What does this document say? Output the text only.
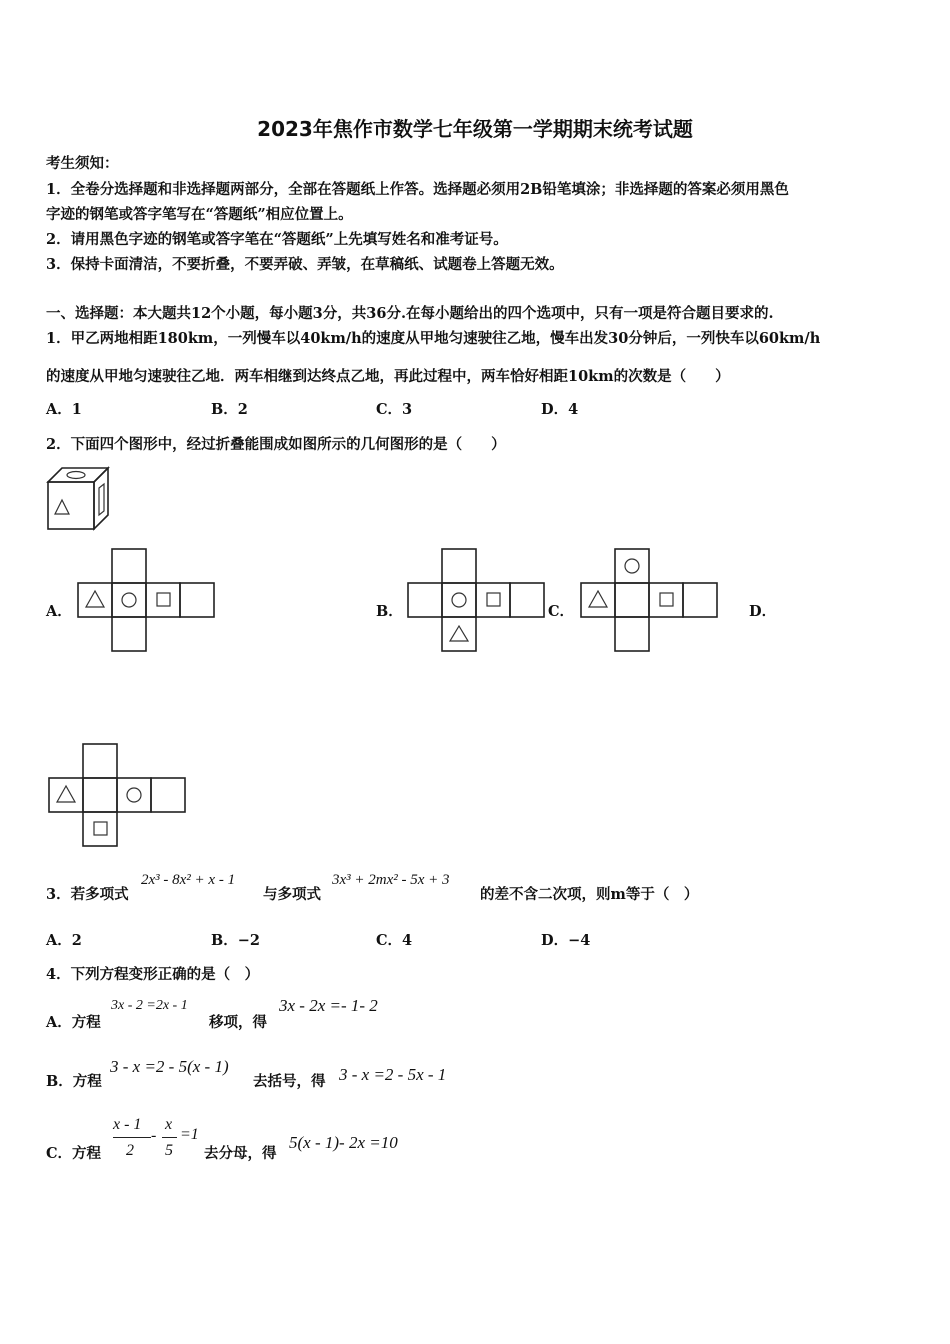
2023年焦作市数学七年级第一学期期末统考试题
考生须知：
1．全卷分选择题和非选择题两部分，全部在答题纸上作答。选择题必须用2B铅笔填涂；非选择题的答案必须用黑色
字迹的钢笔或答字笔写在“答题纸”相应位置上。
2．请用黑色字迹的钢笔或答字笔在“答题纸”上先填写姓名和准考证号。
3．保持卡面清洁，不要折叠，不要弄破、弄皱，在草稿纸、试题卷上答题无效。
一、选择题：本大题共12个小题，每小题3分，共36分.在每小题给出的四个选项中，只有一项是符合题目要求的.
1．甲乙两地相距180km，一列慢车以40km/h的速度从甲地匀速驶往乙地，慢车出发30分钟后，一列快车以60km/h
的速度从甲地匀速驶往乙地．两车相继到达终点乙地，再此过程中，两车恰好相距10km的次数是（　　）
A．1	B．2	C．3	D．4
2．下面四个图形中，经过折叠能围成如图所示的几何图形的是（　　）
A．	B．	C．	D．
3．若多项式
2x³ - 8x² + x - 1
与多项式
3x³ + 2mx² - 5x + 3
的差不含二次项，则m等于（　）
A．2	B．−2	C．4	D．−4
4．下列方程变形正确的是（　）
A．方程
3x - 2 =2x - 1
移项，得
3x - 2x =- 1- 2
B．方程
3 - x =2 - 5(x - 1)
去括号，得 3 - x =2 - 5x - 1
C．方程
x - 1
2
-
x
5
=1
去分母，得
5(x - 1)- 2x =10
